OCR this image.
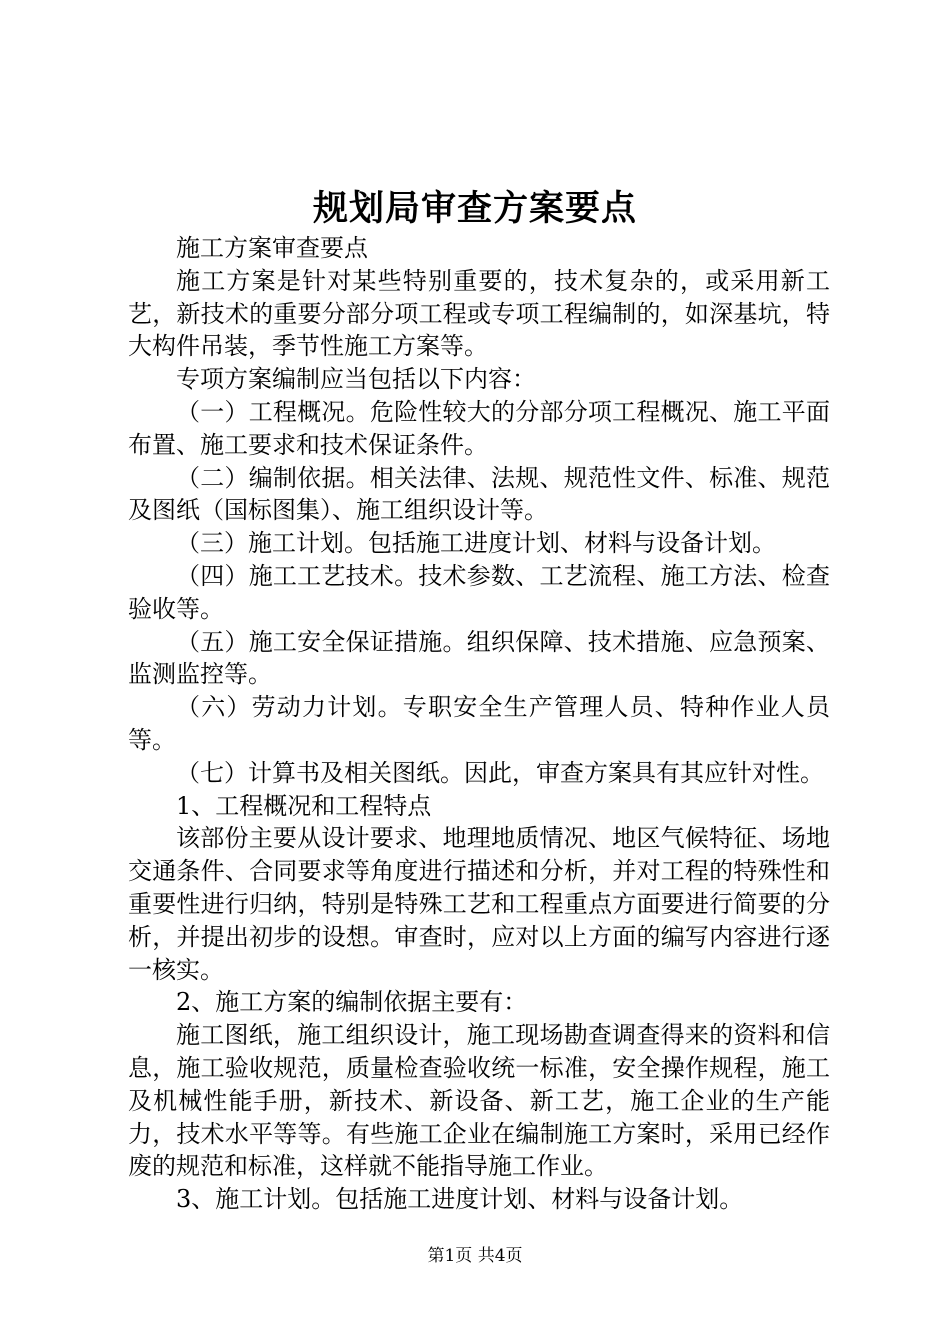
规划局审查方案要点

施工方案审查要点

施工方案是针对某些特别重要的，技术复杂的，或采用新工艺，新技术的重要分部分项工程或专项工程编制的，如深基坑，特大构件吊装，季节性施工方案等。

专项方案编制应当包括以下内容：

（一）工程概况。危险性较大的分部分项工程概况、施工平面布置、施工要求和技术保证条件。

（二）编制依据。相关法律、法规、规范性文件、标准、规范及图纸（国标图集）、施工组织设计等。

（三）施工计划。包括施工进度计划、材料与设备计划。

（四）施工工艺技术。技术参数、工艺流程、施工方法、检查验收等。

（五）施工安全保证措施。组织保障、技术措施、应急预案、监测监控等。

（六）劳动力计划。专职安全生产管理人员、特种作业人员等。

（七）计算书及相关图纸。因此，审查方案具有其应针对性。

1、工程概况和工程特点

该部份主要从设计要求、地理地质情况、地区气候特征、场地交通条件、合同要求等角度进行描述和分析，并对工程的特殊性和重要性进行归纳，特别是特殊工艺和工程重点方面要进行简要的分析，并提出初步的设想。审查时，应对以上方面的编写内容进行逐一核实。

2、施工方案的编制依据主要有：

施工图纸，施工组织设计，施工现场勘查调查得来的资料和信息，施工验收规范，质量检查验收统一标准，安全操作规程，施工及机械性能手册，新技术、新设备、新工艺，施工企业的生产能力，技术水平等等。有些施工企业在编制施工方案时，采用已经作废的规范和标准，这样就不能指导施工作业。

3、施工计划。包括施工进度计划、材料与设备计划。

第1页 共4页
